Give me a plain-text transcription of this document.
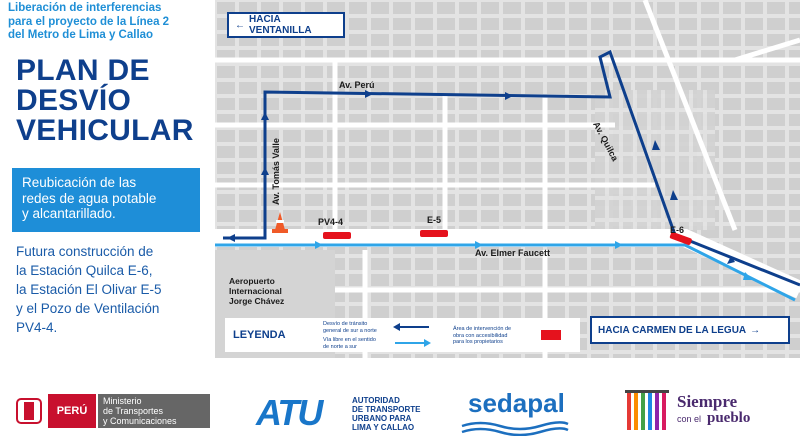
Liberación de interferencias
para el proyecto de la Línea 2
del Metro de Lima y Callao
PLAN DE
DESVÍO
VEHICULAR
Reubicación de las
redes de agua potable
y alcantarillado.
Futura construcción de
la Estación Quilca E-6,
la Estación El Olivar E-5
y el Pozo de Ventilación
PV4-4.
← HACIA VENTANILLA
Av. Perú
Av. Quilca
Av. Tomás Valle
Av. Elmer Faucett
PV4-4	E-5
E-6
Aeropuerto
Internacional
Jorge Chávez
HACIA CARMEN DE LA LEGUA →
LEYENDA
Desvío de tránsito
general de sur a norte
Vía libre en el sentido
de norte a sur
Área de intervención de
obra con accesibilidad
para los propietarios
PERÚ
Ministerio
de Transportes
y Comunicaciones	ATU	AUTORIDAD
DE TRANSPORTE
URBANO PARA
LIMA Y CALLAO
sedapal	Siempre
con el pueblo
